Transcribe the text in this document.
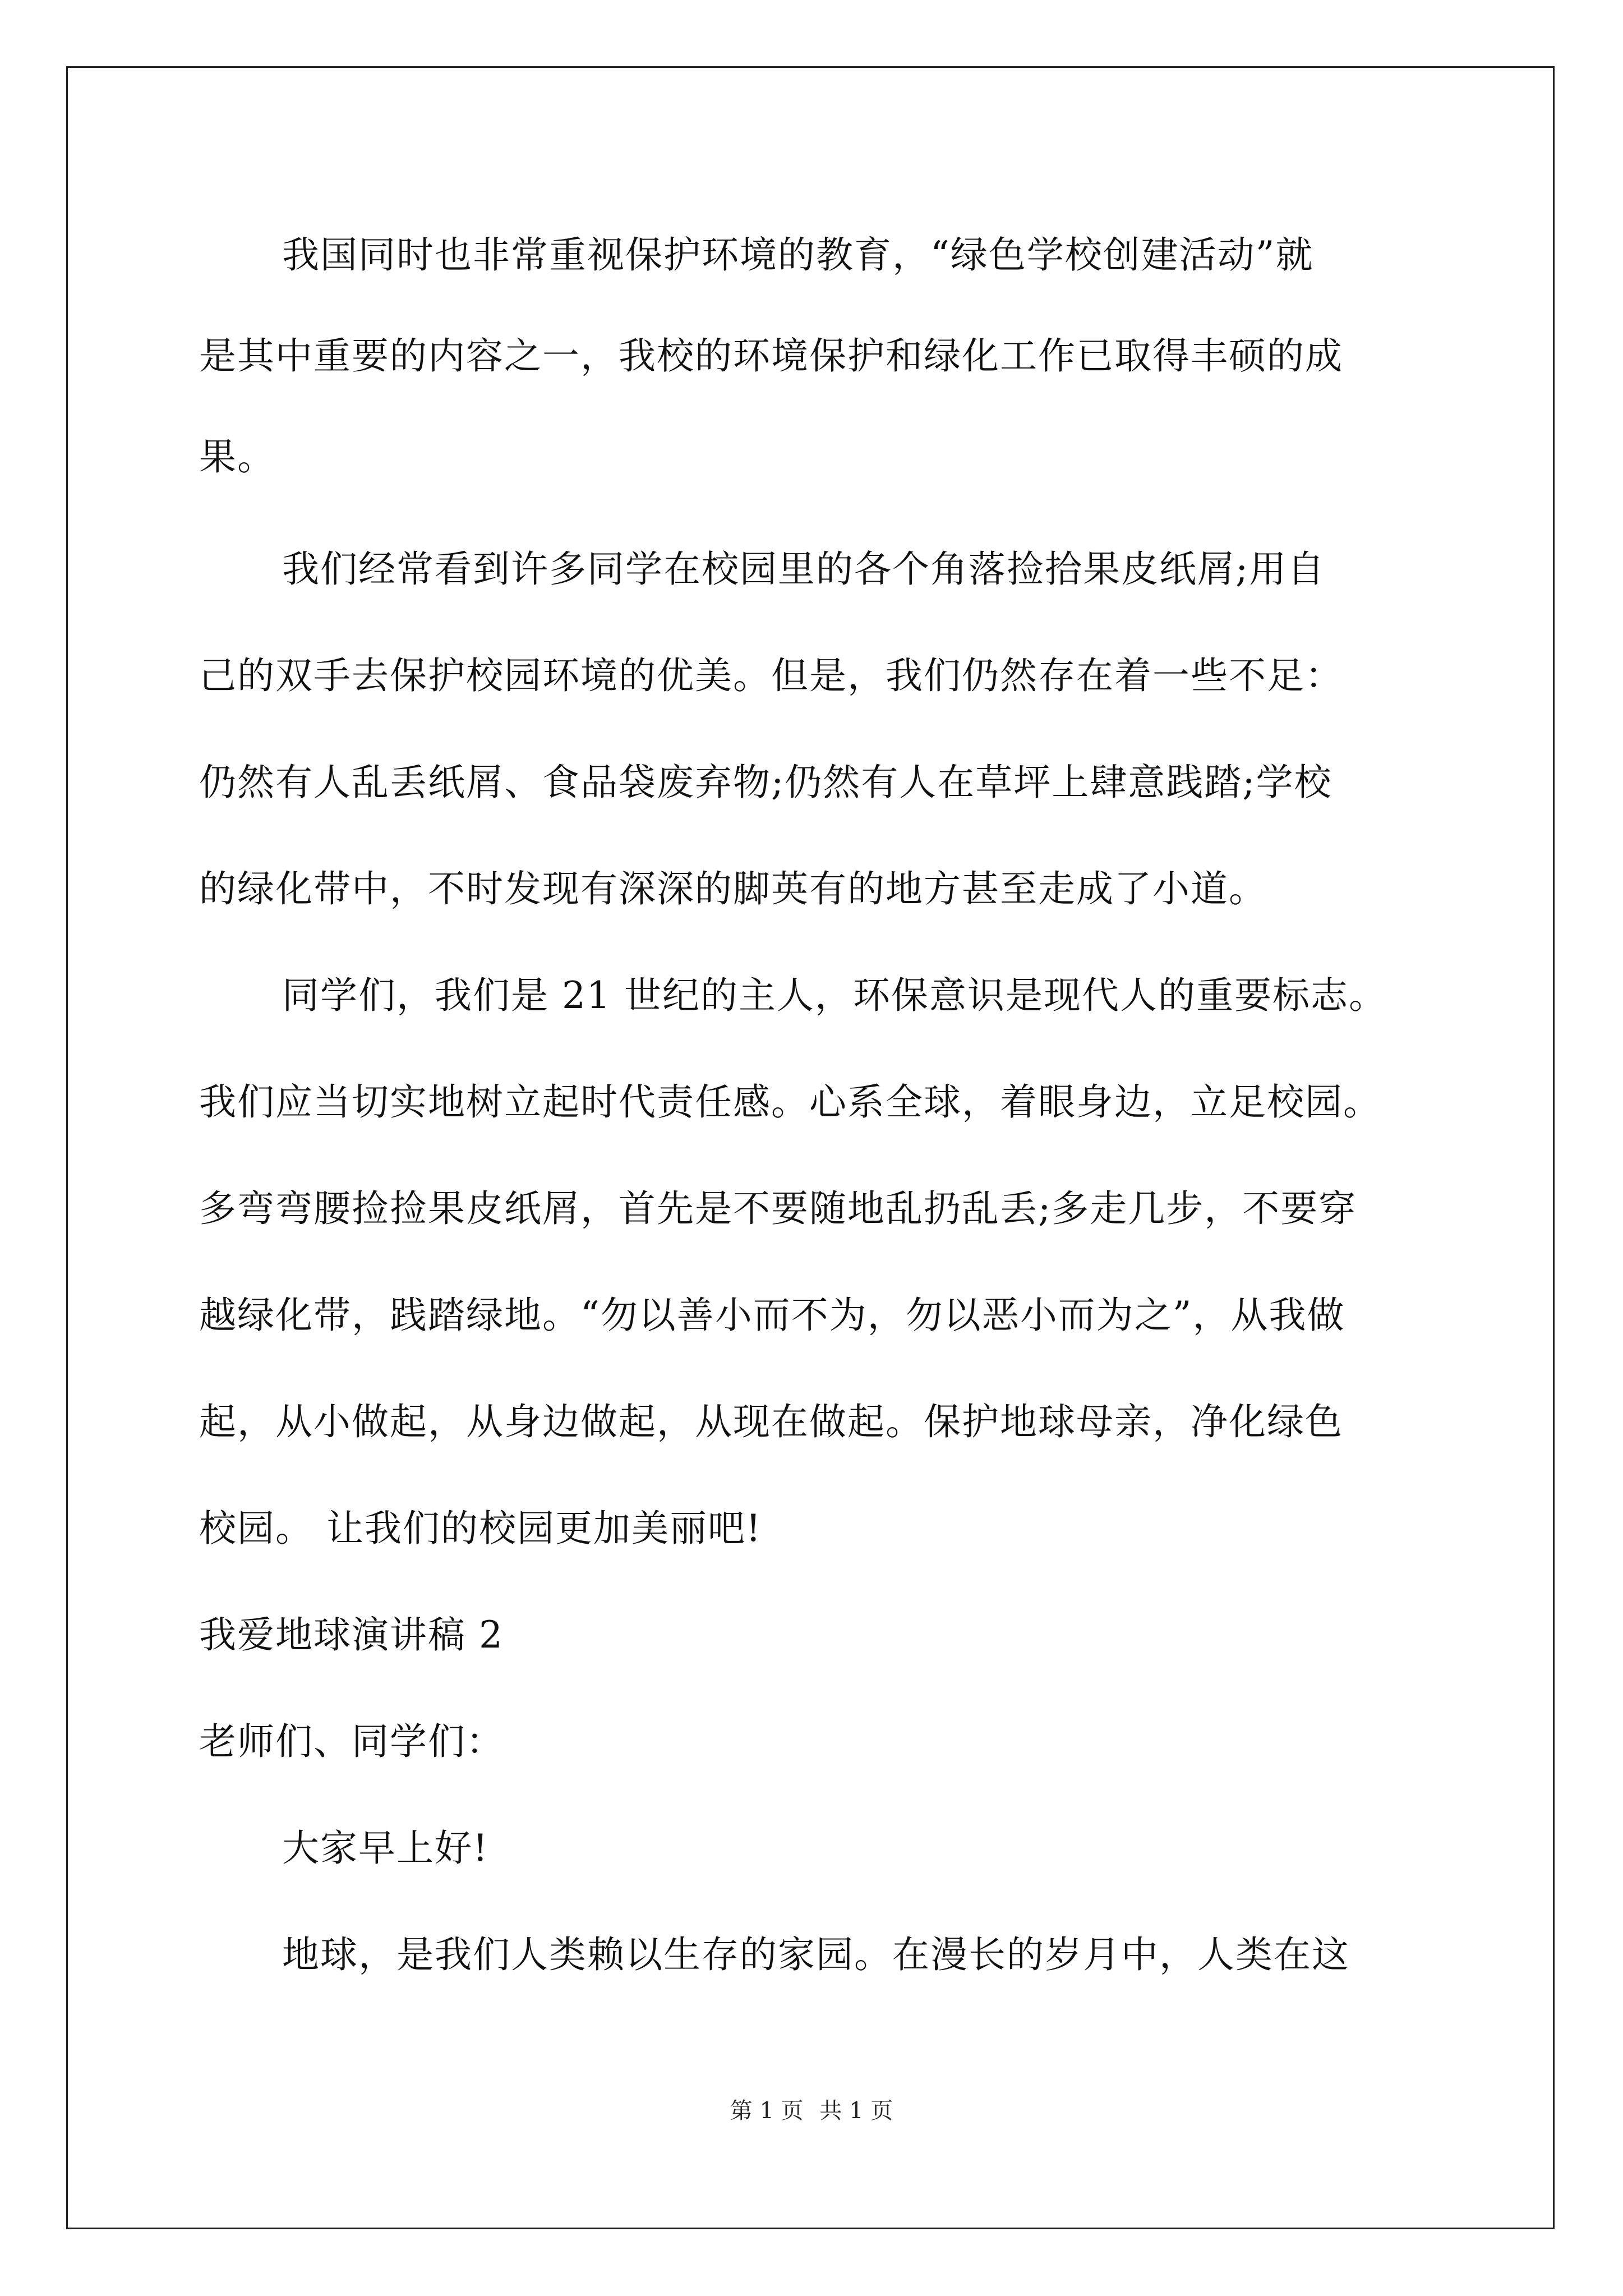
我国同时也非常重视保护环境的教育，“绿色学校创建活动”就
是其中重要的内容之一，我校的环境保护和绿化工作已取得丰硕的成
果。
我们经常看到许多同学在校园里的各个角落捡拾果皮纸屑;用自
己的双手去保护校园环境的优美。但是，我们仍然存在着一些不足：
仍然有人乱丢纸屑、食品袋废弃物;仍然有人在草坪上肆意践踏;学校
的绿化带中，不时发现有深深的脚英有的地方甚至走成了小道。
同学们，我们是 21 世纪的主人，环保意识是现代人的重要标志。
我们应当切实地树立起时代责任感。心系全球，着眼身边，立足校园。
多弯弯腰捡捡果皮纸屑，首先是不要随地乱扔乱丢;多走几步，不要穿
越绿化带，践踏绿地。“勿以善小而不为，勿以恶小而为之”，从我做
起，从小做起，从身边做起，从现在做起。保护地球母亲，净化绿色
校园。 让我们的校园更加美丽吧!
我爱地球演讲稿 2
老师们、同学们：
大家早上好!
地球，是我们人类赖以生存的家园。在漫长的岁月中，人类在这
第 1 页 共 1 页
